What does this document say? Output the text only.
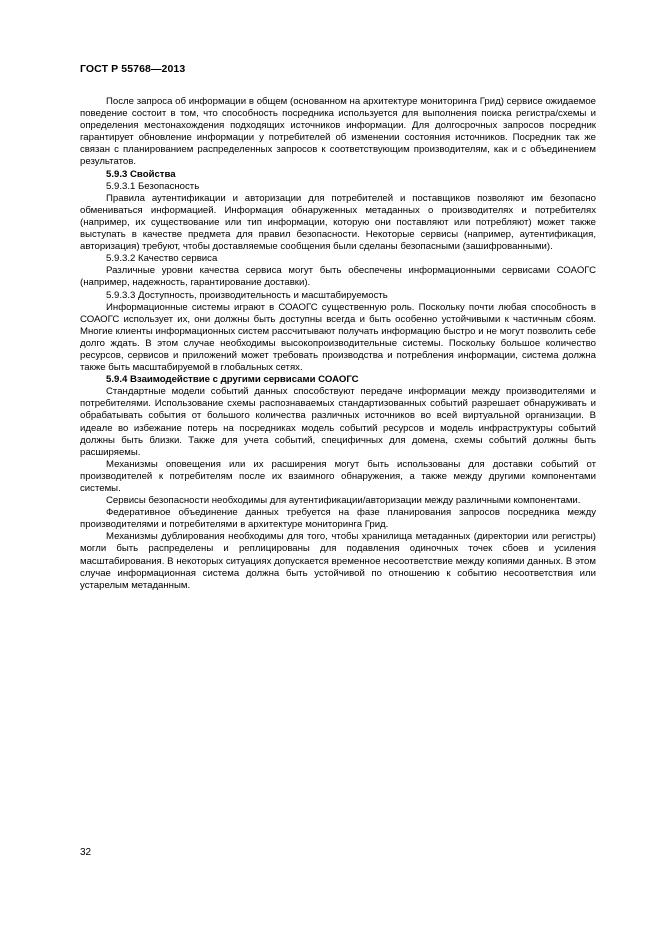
ГОСТ Р 55768—2013

После запроса об информации в общем (основанном на архитектуре мониторинга Грид) сервисе ожидаемое поведение состоит в том, что способность посредника используется для выполнения поиска регистра/схемы и определения местонахождения подходящих источников информации. Для долгосрочных запросов посредник гарантирует обновление информации у потребителей об изменении состояния источников. Посредник так же связан с планированием распределенных запросов к соответствующим производителям, как и с объединением результатов.

5.9.3 Свойства

5.9.3.1 Безопасность

Правила аутентификации и авторизации для потребителей и поставщиков позволяют им безопасно обмениваться информацией. Информация обнаруженных метаданных о производителях и потребителях (например, их существование или тип информации, которую они поставляют или потребляют) может также выступать в качестве предмета для правил безопасности. Некоторые сервисы (например, аутентификация, авторизация) требуют, чтобы доставляемые сообщения были сделаны безопасными (зашифрованными).

5.9.3.2 Качество сервиса

Различные уровни качества сервиса могут быть обеспечены информационными сервисами СОАОГС (например, надежность, гарантирование доставки).

5.9.3.3 Доступность, производительность и масштабируемость

Информационные системы играют в СОАОГС существенную роль. Поскольку почти любая способность в СОАОГС использует их, они должны быть доступны всегда и быть особенно устойчивыми к частичным сбоям. Многие клиенты информационных систем рассчитывают получать информацию быстро и не могут позволить себе долго ждать. В этом случае необходимы высокопроизводительные системы. Поскольку большое количество ресурсов, сервисов и приложений может требовать производства и потребления информации, система должна также быть масштабируемой в глобальных сетях.

5.9.4 Взаимодействие с другими сервисами СОАОГС

Стандартные модели событий данных способствуют передаче информации между производителями и потребителями. Использование схемы распознаваемых стандартизованных событий разрешает обнаруживать и обрабатывать события от большого количества различных источников во всей виртуальной организации. В идеале во избежание потерь на посредниках модель событий ресурсов и модель инфраструктуры событий должны быть близки. Также для учета событий, специфичных для домена, схемы событий должны быть расширяемы.

Механизмы оповещения или их расширения могут быть использованы для доставки событий от производителей к потребителям после их взаимного обнаружения, а также между другими компонентами системы.

Сервисы безопасности необходимы для аутентификации/авторизации между различными компонентами.

Федеративное объединение данных требуется на фазе планирования запросов посредника между производителями и потребителями в архитектуре мониторинга Грид.

Механизмы дублирования необходимы для того, чтобы хранилища метаданных (директории или регистры) могли быть распределены и реплицированы для подавления одиночных точек сбоев и усиления масштабирования. В некоторых ситуациях допускается временное несоответствие между копиями данных. В этом случае информационная система должна быть устойчивой по отношению к событию несоответствия или устарелым метаданным.

32
